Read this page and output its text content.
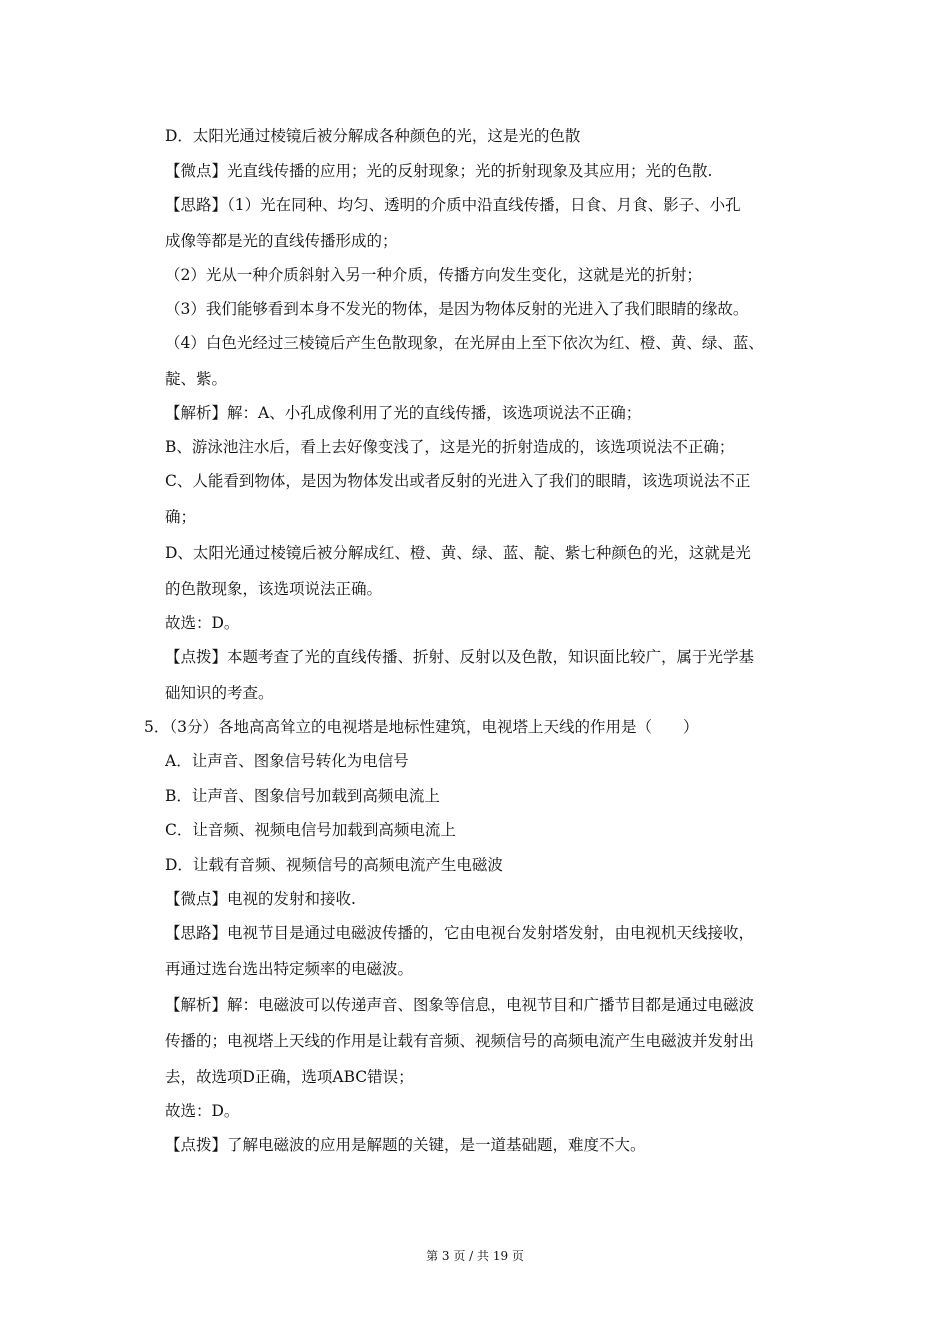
D．太阳光通过棱镜后被分解成各种颜色的光，这是光的色散
【微点】光直线传播的应用；光的反射现象；光的折射现象及其应用；光的色散.
【思路】（1）光在同种、均匀、透明的介质中沿直线传播，日食、月食、影子、小孔
成像等都是光的直线传播形成的；
（2）光从一种介质斜射入另一种介质，传播方向发生变化，这就是光的折射；
（3）我们能够看到本身不发光的物体，是因为物体反射的光进入了我们眼睛的缘故。
（4）白色光经过三棱镜后产生色散现象，在光屏由上至下依次为红、橙、黄、绿、蓝、
靛、紫。
【解析】解：A、小孔成像利用了光的直线传播，该选项说法不正确；
B、游泳池注水后，看上去好像变浅了，这是光的折射造成的，该选项说法不正确；
C、人能看到物体，是因为物体发出或者反射的光进入了我们的眼睛，该选项说法不正
确；
D、太阳光通过棱镜后被分解成红、橙、黄、绿、蓝、靛、紫七种颜色的光，这就是光
的色散现象，该选项说法正确。
故选：D。
【点拨】本题考查了光的直线传播、折射、反射以及色散，知识面比较广，属于光学基
础知识的考查。
5．（3分）各地高高耸立的电视塔是地标性建筑，电视塔上天线的作用是（　　）
A．让声音、图象信号转化为电信号
B．让声音、图象信号加载到高频电流上
C．让音频、视频电信号加载到高频电流上
D．让载有音频、视频信号的高频电流产生电磁波
【微点】电视的发射和接收.
【思路】电视节目是通过电磁波传播的，它由电视台发射塔发射，由电视机天线接收，
再通过选台选出特定频率的电磁波。
【解析】解：电磁波可以传递声音、图象等信息，电视节目和广播节目都是通过电磁波
传播的；电视塔上天线的作用是让载有音频、视频信号的高频电流产生电磁波并发射出
去，故选项D正确，选项ABC错误；
故选：D。
【点拨】了解电磁波的应用是解题的关键，是一道基础题，难度不大。
第 3 页 / 共 19 页
